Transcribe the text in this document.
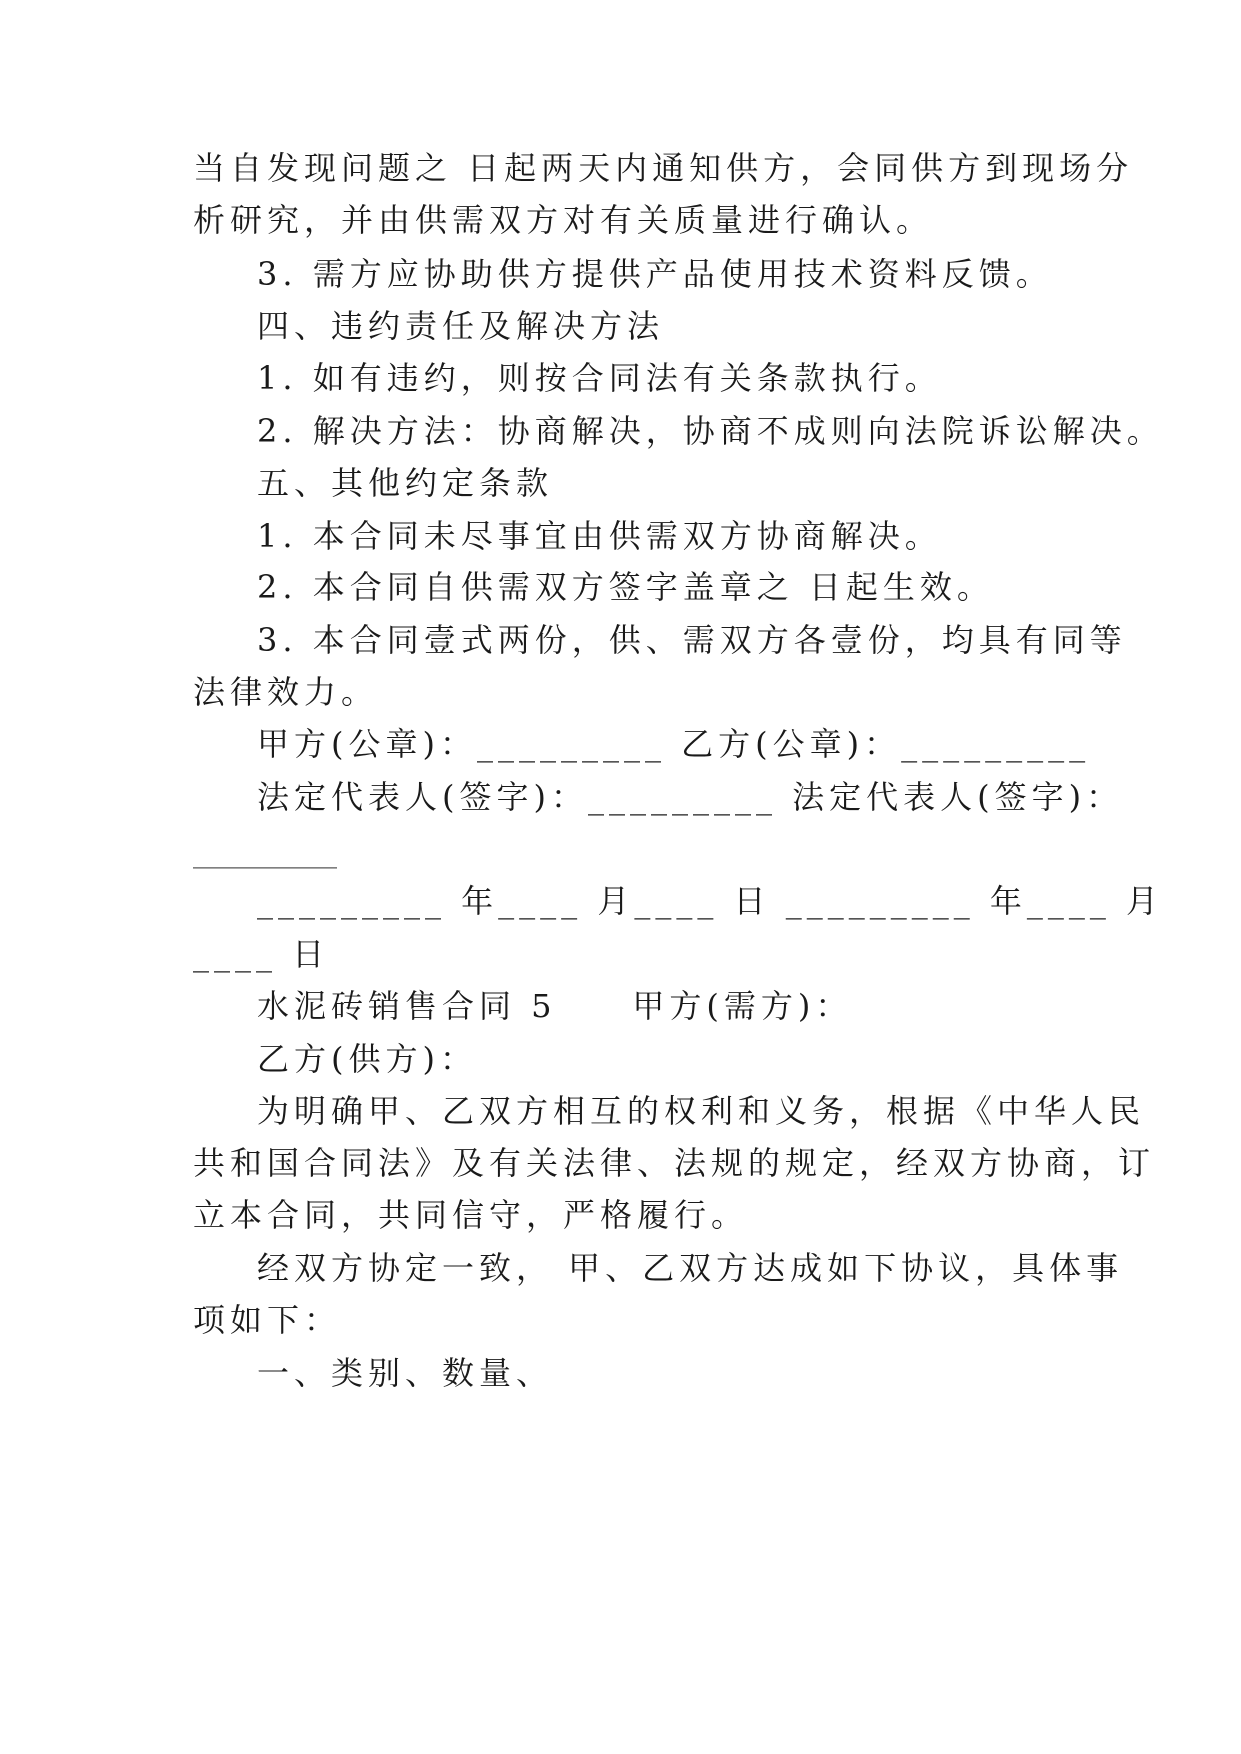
当自发现问题之 日起两天内通知供方，会同供方到现场分
析研究，并由供需双方对有关质量进行确认。
3. 需方应协助供方提供产品使用技术资料反馈。
四、违约责任及解决方法
1. 如有违约，则按合同法有关条款执行。
2. 解决方法：协商解决，协商不成则向法院诉讼解决。
五、其他约定条款
1. 本合同未尽事宜由供需双方协商解决。
2. 本合同自供需双方签字盖章之 日起生效。
3. 本合同壹式两份，供、需双方各壹份，均具有同等
法律效力。
甲方(公章)：_________ 乙方(公章)：_________
法定代表人(签字)：_________ 法定代表人(签字)：
_________
_________ 年____ 月____ 日 _________ 年____ 月
____ 日
水泥砖销售合同 5     甲方(需方)：
乙方(供方)：
为明确甲、乙双方相互的权利和义务，根据《中华人民
共和国合同法》及有关法律、法规的规定，经双方协商，订
立本合同，共同信守，严格履行。
经双方协定一致， 甲、乙双方达成如下协议，具体事
项如下：
一、类别、数量、
